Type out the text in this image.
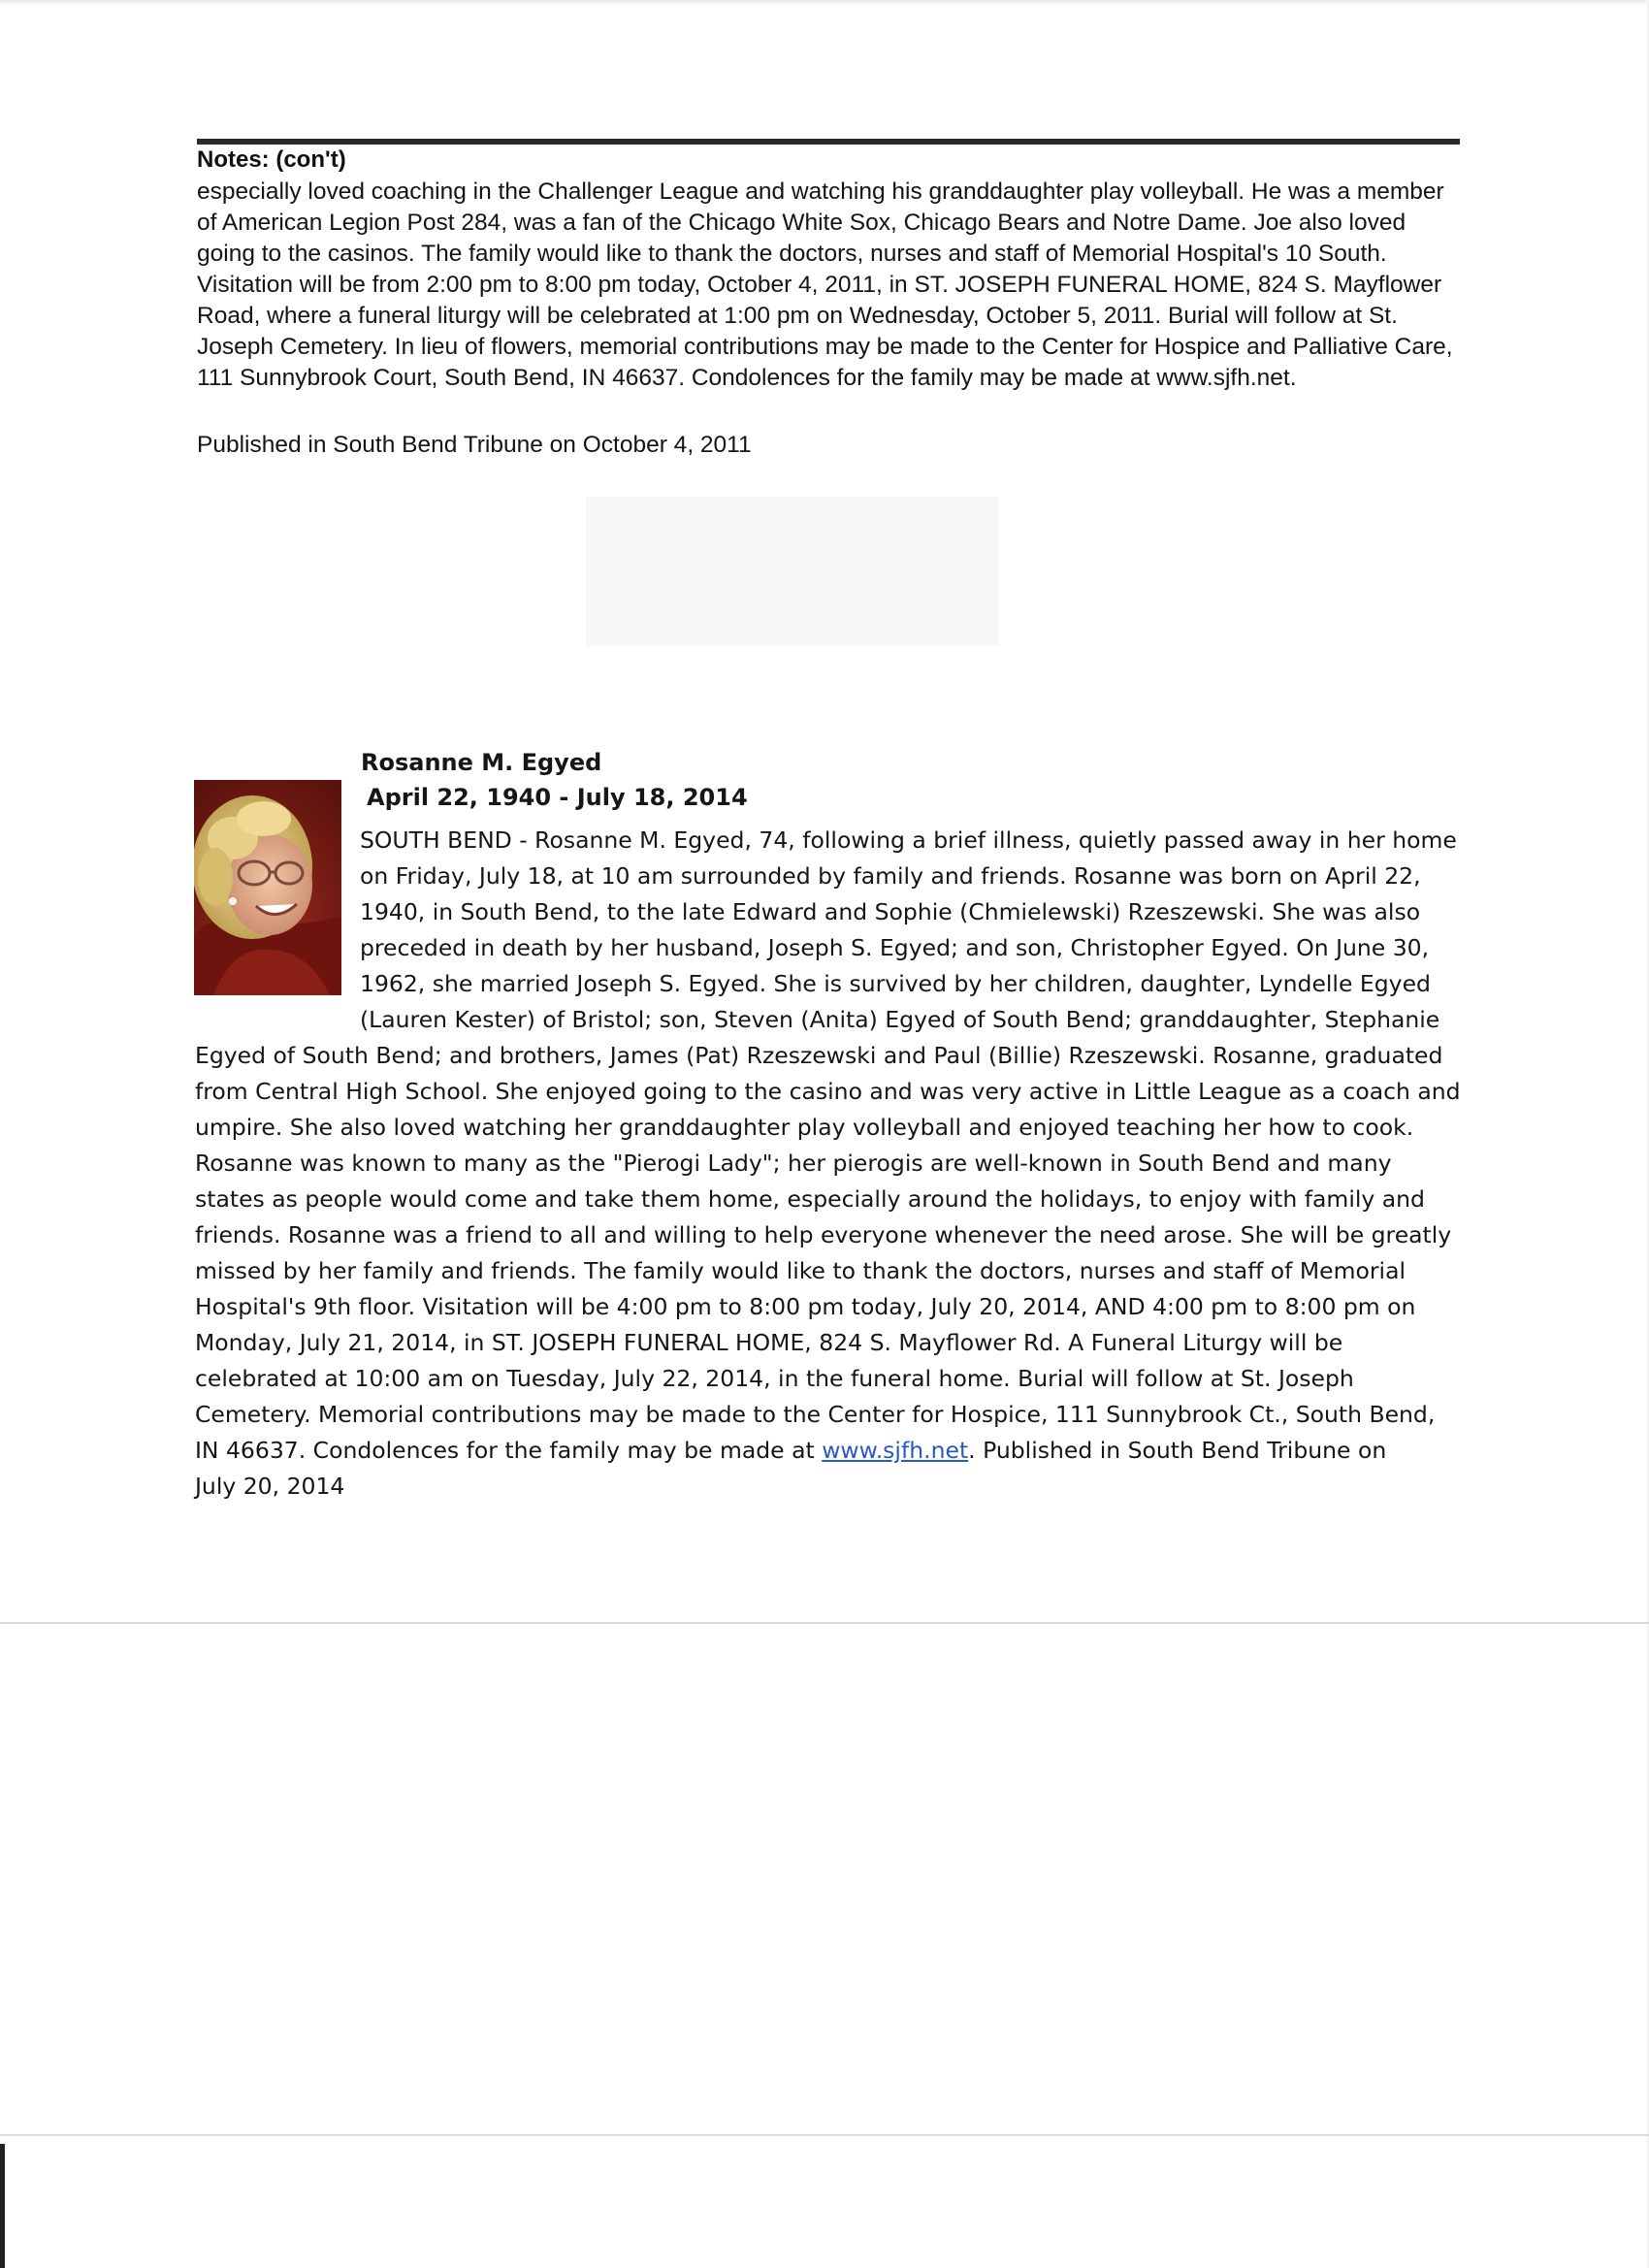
Notes: (con't)

especially loved coaching in the Challenger League and watching his granddaughter play volleyball. He was a member of American Legion Post 284, was a fan of the Chicago White Sox, Chicago Bears and Notre Dame. Joe also loved going to the casinos. The family would like to thank the doctors, nurses and staff of Memorial Hospital's 10 South. Visitation will be from 2:00 pm to 8:00 pm today, October 4, 2011, in ST. JOSEPH FUNERAL HOME, 824 S. Mayflower Road, where a funeral liturgy will be celebrated at 1:00 pm on Wednesday, October 5, 2011. Burial will follow at St. Joseph Cemetery. In lieu of flowers, memorial contributions may be made to the Center for Hospice and Palliative Care, 111 Sunnybrook Court, South Bend, IN 46637. Condolences for the family may be made at www.sjfh.net.

Published in South Bend Tribune on October 4, 2011

Rosanne M. Egyed
April 22, 1940 - July 18, 2014

SOUTH BEND - Rosanne M. Egyed, 74, following a brief illness, quietly passed away in her home on Friday, July 18, at 10 am surrounded by family and friends. Rosanne was born on April 22, 1940, in South Bend, to the late Edward and Sophie (Chmielewski) Rzeszewski. She was also preceded in death by her husband, Joseph S. Egyed; and son, Christopher Egyed. On June 30, 1962, she married Joseph S. Egyed. She is survived by her children, daughter, Lyndelle Egyed (Lauren Kester) of Bristol; son, Steven (Anita) Egyed of South Bend; granddaughter, Stephanie Egyed of South Bend; and brothers, James (Pat) Rzeszewski and Paul (Billie) Rzeszewski. Rosanne, graduated from Central High School. She enjoyed going to the casino and was very active in Little League as a coach and umpire. She also loved watching her granddaughter play volleyball and enjoyed teaching her how to cook. Rosanne was known to many as the "Pierogi Lady"; her pierogis are well-known in South Bend and many states as people would come and take them home, especially around the holidays, to enjoy with family and friends. Rosanne was a friend to all and willing to help everyone whenever the need arose. She will be greatly missed by her family and friends. The family would like to thank the doctors, nurses and staff of Memorial Hospital's 9th floor. Visitation will be 4:00 pm to 8:00 pm today, July 20, 2014, AND 4:00 pm to 8:00 pm on Monday, July 21, 2014, in ST. JOSEPH FUNERAL HOME, 824 S. Mayflower Rd. A Funeral Liturgy will be celebrated at 10:00 am on Tuesday, July 22, 2014, in the funeral home. Burial will follow at St. Joseph Cemetery. Memorial contributions may be made to the Center for Hospice, 111 Sunnybrook Ct., South Bend, IN 46637. Condolences for the family may be made at www.sjfh.net. Published in South Bend Tribune on
July 20, 2014
